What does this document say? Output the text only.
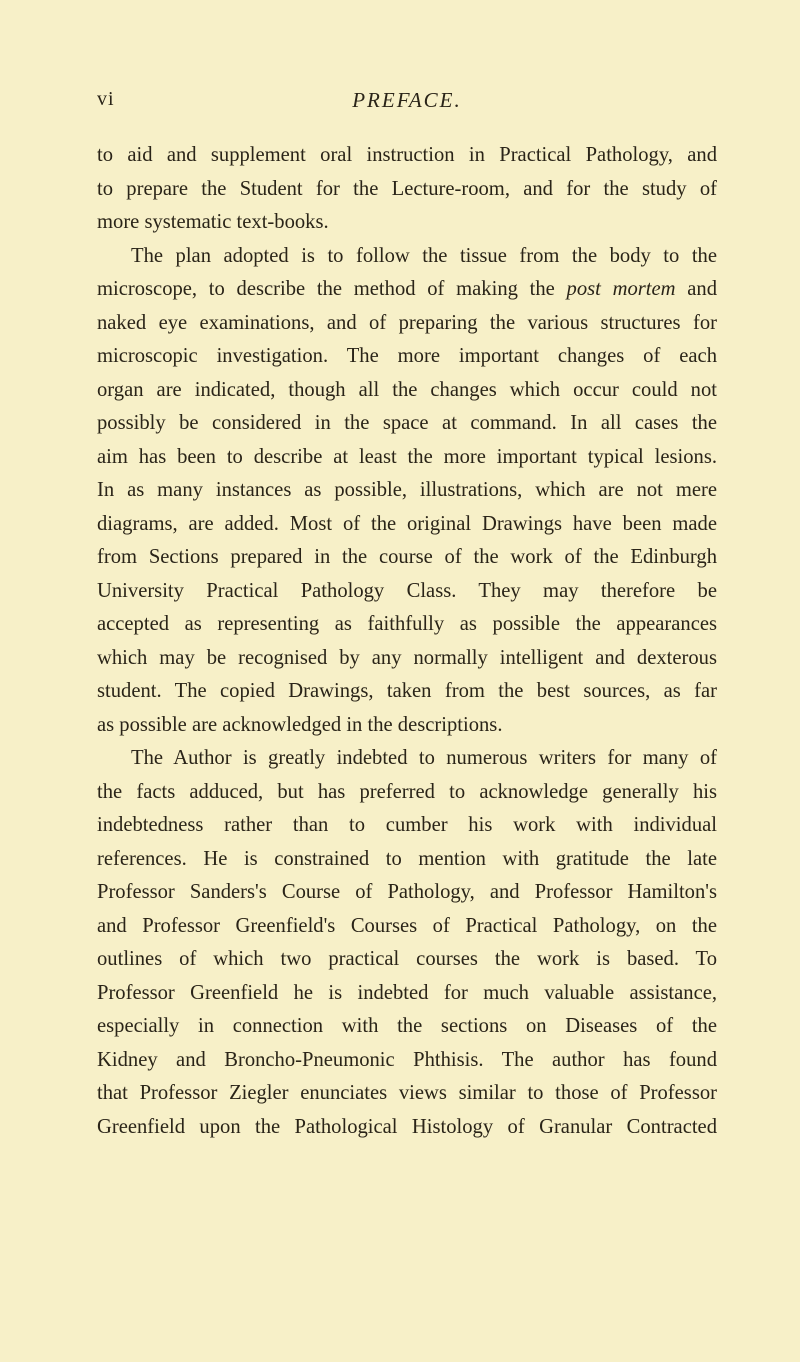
vi	PREFACE.
to aid and supplement oral instruction in Practical Pathology, and
to prepare the Student for the Lecture-room, and for the study of
more systematic text-books.
The plan adopted is to follow the tissue from the body to the
microscope, to describe the method of making the post mortem and
naked eye examinations, and of preparing the various structures for
microscopic investigation. The more important changes of each
organ are indicated, though all the changes which occur could not
possibly be considered in the space at command. In all cases the
aim has been to describe at least the more important typical lesions.
In as many instances as possible, illustrations, which are not mere
diagrams, are added. Most of the original Drawings have been made
from Sections prepared in the course of the work of the Edinburgh
University Practical Pathology Class. They may therefore be
accepted as representing as faithfully as possible the appearances
which may be recognised by any normally intelligent and dexterous
student. The copied Drawings, taken from the best sources, as far
as possible are acknowledged in the descriptions.
The Author is greatly indebted to numerous writers for many of
the facts adduced, but has preferred to acknowledge generally his
indebtedness rather than to cumber his work with individual
references. He is constrained to mention with gratitude the late
Professor Sanders's Course of Pathology, and Professor Hamilton's
and Professor Greenfield's Courses of Practical Pathology, on the
outlines of which two practical courses the work is based. To
Professor Greenfield he is indebted for much valuable assistance,
especially in connection with the sections on Diseases of the
Kidney and Broncho-Pneumonic Phthisis. The author has found
that Professor Ziegler enunciates views similar to those of Professor
Greenfield upon the Pathological Histology of Granular Contracted
